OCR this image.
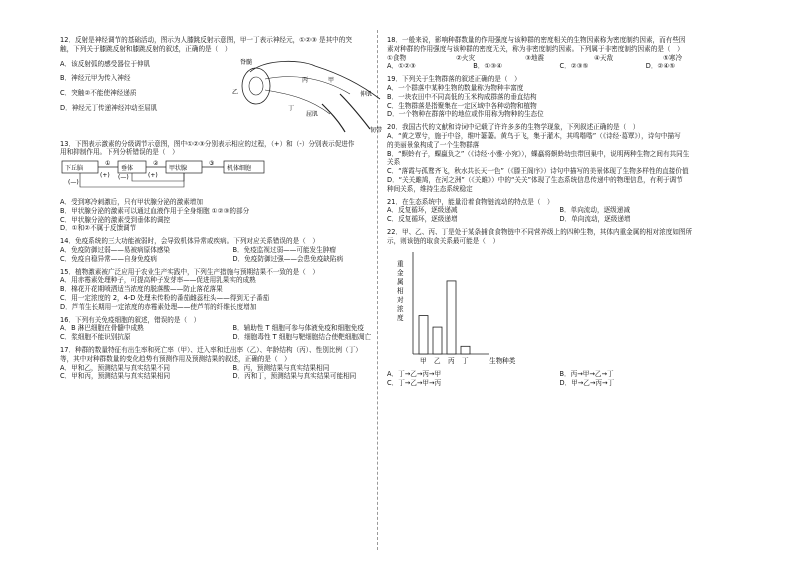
12．反射是神经调节的基础活动，图示为人膝跳反射示意图，甲一丁表示神经元，①②③ 是其中的突
触，下列关于膝跳反射和膝跳反射的叙述，正确的是（　）
A．该反射弧的感受器位于伸肌
B．神经元甲为传入神经
C．突触②不能使神经递质
D．神经元丁传递神经冲动至屈肌
脊髓
丙	甲
乙	伸肌
屈肌
丁
韧带
13．下图表示激素的分级调节示意图，图中①②③分别表示相应的过程，（+）和（-）分别表示促进作
用和抑制作用。下列分析错误的是（　）
下丘脑	垂体	甲状腺	机体细胞
①	②	③
(+)	(+)
(—)
(—)
A．受到寒冷刺激后，只有甲状腺分泌的激素增加
B．甲状腺分泌的激素可以通过血液作用于全身细胞 ①②③的部分
C．甲状腺分泌的激素受到垂体的调控
D．①和②不属于反馈调节
14．免疫系统的三大功能被弱时，会导致机体异常或疾病。下列对应关系错误的是（　）
A．免疫防御过弱——易被病原体感染	B．免疫监视过弱——可能发生肿瘤
C．免疫自稳异常——自身免疫病	D．免疫防御过强——会患免疫缺陷病
15．植物激素被广泛应用于农业生产实践中，下列生产措施与预期结果不一致的是（　）
A．用赤霉素处理种子，可提高种子发芽率——促进用乳果实的成熟
B．棉花开花期喷洒适当浓度的脱落酸——防止落花落果
C．用一定浓度的 2，4-D 处理未传粉的番茄雌蕊柱头——得到无子番茄
D．芦苇生长期用一定浓度的赤霉素处理——使芦苇的纤维长度增加
16．下列有关免疫细胞的叙述，错误的是（　）
A．B 淋巴细胞在骨髓中成熟	B．辅助性 T 细胞可参与体液免疫和细胞免疫
C．浆细胞不能识别抗原	D．细胞毒性 T 细胞与靶细胞结合使靶细胞凋亡
17．种群的数量特征有出生率和死亡率（甲）、迁入率和迁出率（乙）、年龄结构（丙）、性别比例（丁）
等，其中对种群数量的变化趋势有预测作用及预测结果的叙述，正确的是（　）
A．甲和乙，预测结果与真实结果不同	B．丙，预测结果与真实结果相同
C．甲和丙，预测结果与真实结果相同	D．丙和丁，预测结果与真实结果可能相同
18．一般来说，影响种群数量的作用强度与该种群的密度相关的生物因素称为密度制约因素，而有些因
素对种群的作用强度与该种群的密度无关，称为非密度制约因素。下列属于非密度制约因素的是（　）
①食物	②火灾	③地震	④天敌	⑤寒冷
A．①②③	B．①③④	C．②③⑤	D．②④⑤
19．下列关于生物群落的叙述正确的是（　）
A．一个群落中某种生物的数量称为物种丰富度
B．一块农田中不同高低的玉米构成群落的垂直结构
C．生物群落是指聚集在一定区域中各种动物和植物
D．一个物种在群落中的地位或作用称为物种的生态位
20．我国古代的文献和诗词中记载了许许多多的生物学现象，下列叙述正确的是（　）
A．“黄之覃兮，施于中谷，维叶萋萋。黄鸟于飞，集于灌木，其鸣喈喈”（《诗经·葛覃》），诗句中描写
的美丽景象构成了一个生物群落
B．“螟蛉有子，蜾蠃负之”（《诗经·小雅·小宛》），蜾蠃将螟蛉幼虫带回巢中，说明两种生物之间有共同生
关系
C．“落霞与孤鹜齐飞，秋水共长天一色”（《滕王阁序》）诗句中描写的美景体现了生物多样性的直接价值
D．“关关雎鸠，在河之洲”（《关雎》）中的“关关”体现了生态系统信息传递中的物理信息，有利于调节
种间关系，维持生态系统稳定
21．在生态系统中，能量沿着食物链流动的特点是（　）
A．反复循环，逐级递减	B．单向流动，逐级递减
C．反复循环，逐级递增	D．单向流动，逐级递增
22．甲、乙、丙、丁是处于某条捕食食物链中不同营养级上的四种生物，其体内重金属的相对浓度如图所
示，则该链的取食关系最可能是（　）
重
金
属
相
对
浓
度
甲 乙 丙 丁	生物种类
A．丁→乙→丙→甲	B．丙→甲→乙→丁
C．丁→乙→甲→丙	D．甲→乙→丙→丁
